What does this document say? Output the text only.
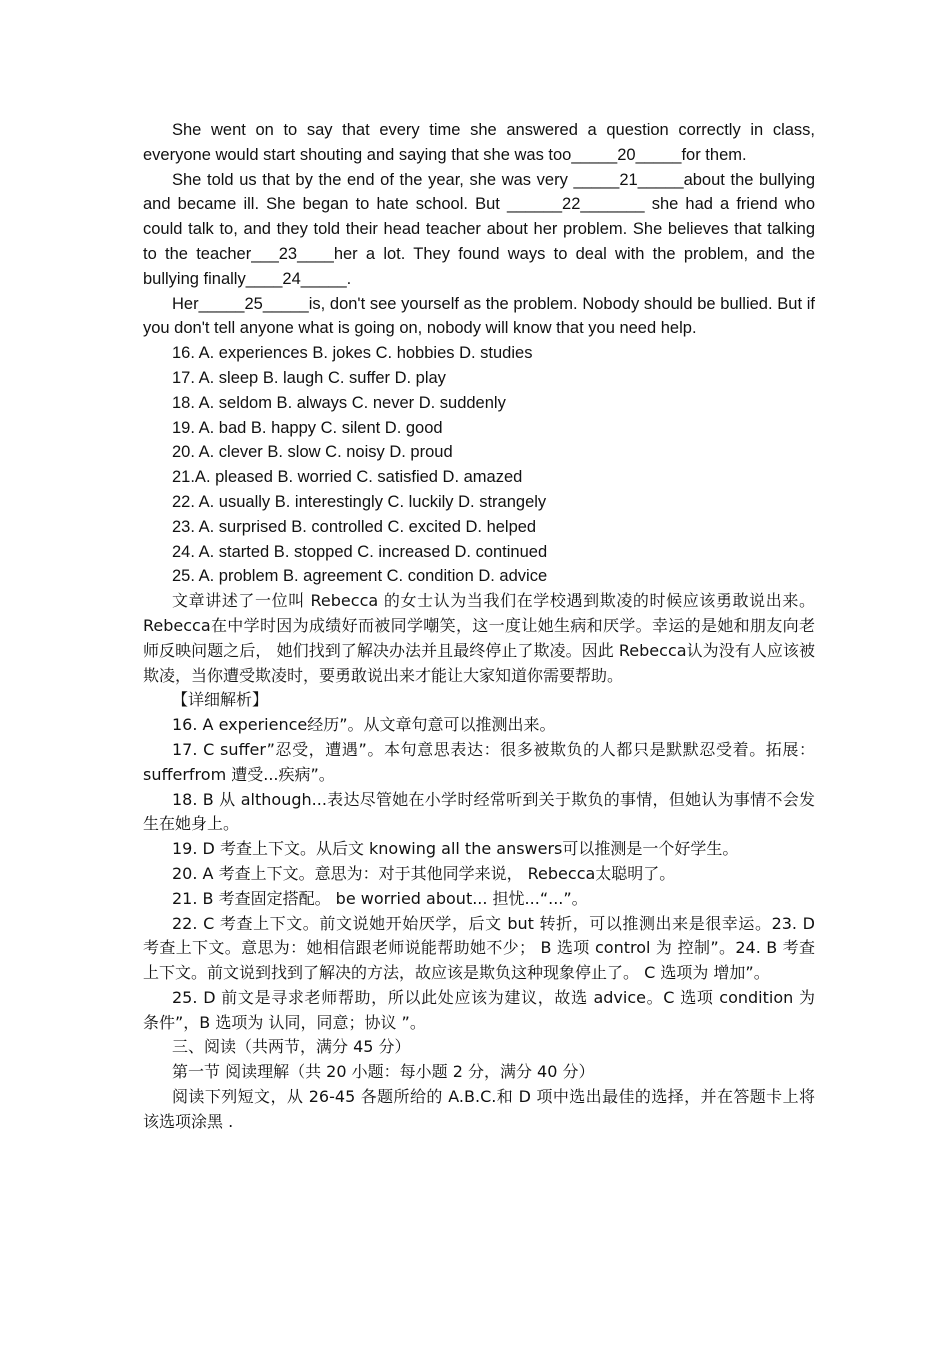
She went on to say that every time she answered a question correctly in class, everyone would start shouting and saying that she was too_____20_____for them.

She told us that by the end of the year, she was very _____21_____about the bullying and became ill. She began to hate school. But ______22_______ she had a friend who could talk to, and they told their head teacher about her problem. She believes that talking to the teacher___23____her a lot. They found ways to deal with the problem, and the bullying finally____24_____.

Her_____25_____is, don't see yourself as the problem. Nobody should be bullied. But if you don't tell anyone what is going on, nobody will know that you need help.

16. A. experiences B. jokes C. hobbies D. studies

17. A. sleep B. laugh C. suffer D. play

18. A. seldom B. always C. never D. suddenly

19. A. bad B. happy C. silent D. good

20. A. clever B. slow C. noisy D. proud

21.A. pleased B. worried C. satisfied D. amazed

22. A. usually B. interestingly C. luckily D. strangely

23. A. surprised B. controlled C. excited D. helped

24. A. started B. stopped C. increased D. continued

25. A. problem B. agreement C. condition D. advice

文章讲述了一位叫 Rebecca 的女士认为当我们在学校遇到欺凌的时候应该勇敢说出来。 Rebecca在中学时因为成绩好而被同学嘲笑，这一度让她生病和厌学。幸运的是她和朋友向老师反映问题之后， 她们找到了解决办法并且最终停止了欺凌。因此 Rebecca认为没有人应该被欺凌，当你遭受欺凌时，要勇敢说出来才能让大家知道你需要帮助。

【详细解析】

16. A experience经历”。从文章句意可以推测出来。

17. C suffer”忍受，遭遇”。本句意思表达：很多被欺负的人都只是默默忍受着。拓展： sufferfrom 遭受...疾病”。

18. B 从 although...表达尽管她在小学时经常听到关于欺负的事情，但她认为事情不会发生在她身上。

19. D 考查上下文。从后文 knowing all the answers可以推测是一个好学生。

20. A 考查上下文。意思为：对于其他同学来说， Rebecca太聪明了。

21. B 考查固定搭配。 be worried about... 担忧...“...”。

22. C 考查上下文。前文说她开始厌学，后文 but 转折，可以推测出来是很幸运。23. D 考查上下文。意思为：她相信跟老师说能帮助她不少； B 选项 control 为 控制”。24. B 考查上下文。前文说到找到了解决的方法，故应该是欺负这种现象停止了。 C 选项为 增加”。

25. D 前文是寻求老师帮助，所以此处应该为建议，故选 advice。C 选项 condition 为 条件”，B 选项为 认同，同意；协议 ”。

三、阅读（共两节，满分 45 分）

第一节 阅读理解（共 20 小题：每小题 2 分，满分 40 分）

阅读下列短文，从 26-45 各题所给的 A.B.C.和 D 项中选出最佳的选择，并在答题卡上将该选项涂黑 .
